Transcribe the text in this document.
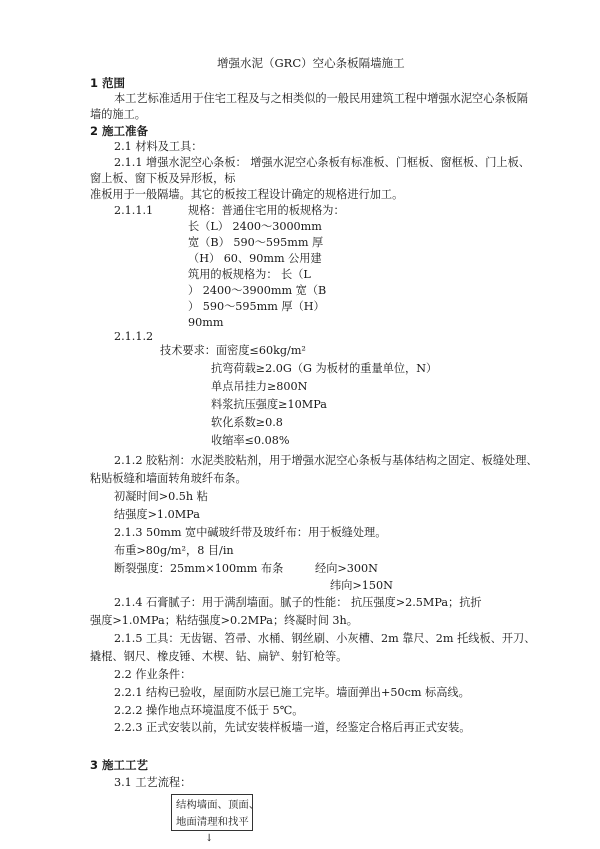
增强水泥（GRC）空心条板隔墙施工
1 范围
本工艺标准适用于住宅工程及与之相类似的一般民用建筑工程中增强水泥空心条板隔
墙的施工。
2 施工准备
2.1 材料及工具：
2.1.1 增强水泥空心条板： 增强水泥空心条板有标准板、门框板、窗框板、门上板、
窗上板、窗下板及异形板，标
准板用于一般隔墙。其它的板按工程设计确定的规格进行加工。
2.1.1.1	规格：普通住宅用的板规格为：
长（L） 2400～3000mm
宽（B） 590～595mm 厚
（H） 60、90mm 公用建
筑用的板规格为： 长（L
） 2400～3900mm 宽（B
） 590～595mm 厚（H）
90mm
2.1.1.2
技术要求：面密度≤60kg/m²
抗弯荷载≥2.0G（G 为板材的重量单位，N）
单点吊挂力≥800N
料浆抗压强度≥10MPa
软化系数≥0.8
收缩率≤0.08%
2.1.2 胶粘剂：水泥类胶粘剂，用于增强水泥空心条板与基体结构之固定、板缝处理、
粘贴板缝和墙面转角玻纤布条。
初凝时间>0.5h 粘
结强度>1.0MPa
2.1.3 50mm 宽中碱玻纤带及玻纤布：用于板缝处理。
布重>80g/m²，8 目/in
断裂强度：25mm×100mm 布条	经向>300N
纬向>150N
2.1.4 石膏腻子：用于满刮墙面。腻子的性能： 抗压强度>2.5MPa；抗折
强度>1.0MPa；粘结强度>0.2MPa；终凝时间 3h。
2.1.5 工具：无齿锯、笤帚、水桶、钢丝刷、小灰槽、2m 靠尺、2m 托线板、开刀、
撬棍、钢尺、橡皮锤、木楔、钻、扁铲、射钉枪等。
2.2 作业条件：
2.2.1 结构已验收，屋面防水层已施工完毕。墙面弹出+50cm 标高线。
2.2.2 操作地点环境温度不低于 5℃。
2.2.3 正式安装以前，先试安装样板墙一道，经鉴定合格后再正式安装。
3 施工工艺
3.1 工艺流程：
结构墙面、顶面、
地面清理和找平
↓
